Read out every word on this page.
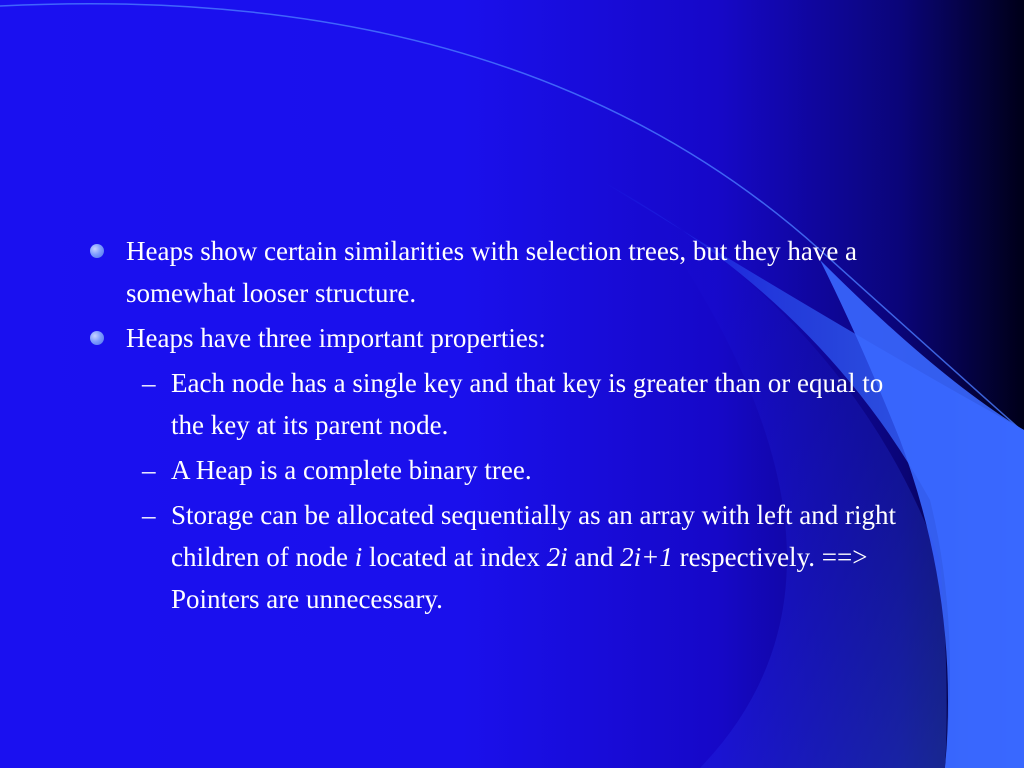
Heaps show certain similarities with selection trees, but they have a somewhat looser structure.
Heaps have three important properties:
– Each node has a single key and that key is greater than or equal to the key at its parent node.
– A Heap is a complete binary tree.
– Storage can be allocated sequentially as an array with left and right children of node i located at index 2i and 2i+1 respectively. ==> Pointers are unnecessary.
